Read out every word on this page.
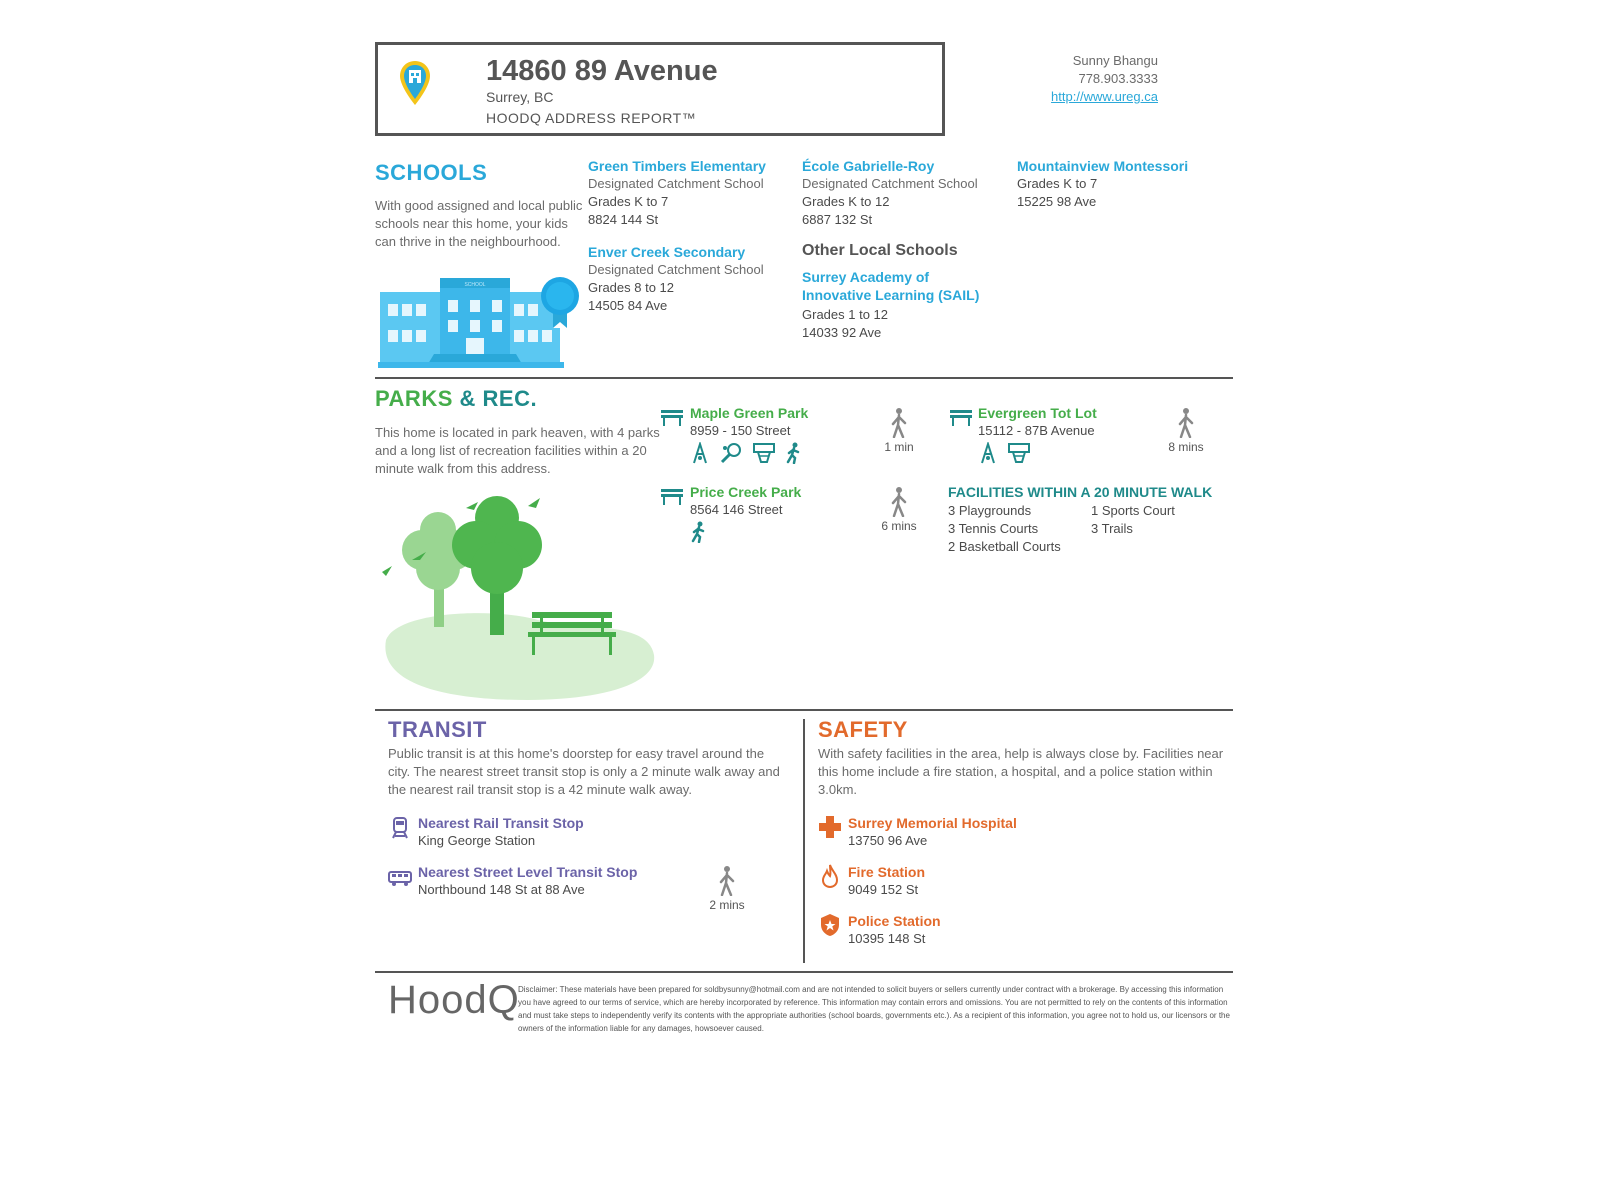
14860 89 Avenue
Surrey, BC
HOODQ ADDRESS REPORT™
Sunny Bhangu
778.903.3333
http://www.ureg.ca
SCHOOLS
With good assigned and local public schools near this home, your kids can thrive in the neighbourhood.
SCHOOL
Green Timbers Elementary
Designated Catchment School
Grades K to 7
8824 144 St
Enver Creek Secondary
Designated Catchment School
Grades 8 to 12
14505 84 Ave
École Gabrielle-Roy
Designated Catchment School
Grades K to 12
6887 132 St
Other Local Schools
Surrey Academy of
Innovative Learning (SAIL)
Grades 1 to 12
14033 92 Ave
Mountainview Montessori
Grades K to 7
15225 98 Ave
PARKS & REC.
This home is located in park heaven, with 4 parks and a long list of recreation facilities within a 20 minute walk from this address.
Maple Green Park
8959 - 150 Street

1 min
Evergreen Tot Lot
15112 - 87B Avenue

8 mins
Price Creek Park
8564 146 Street
6 mins
FACILITIES WITHIN A 20 MINUTE WALK
3 Playgrounds	1 Sports Court
3 Tennis Courts	3 Trails
2 Basketball Courts
TRANSIT
Public transit is at this home's doorstep for easy travel around the city. The nearest street transit stop is only a 2 minute walk away and the nearest rail transit stop is a 42 minute walk away.
Nearest Rail Transit Stop
King George Station
Nearest Street Level Transit Stop
Northbound 148 St at 88 Ave
2 mins
SAFETY
With safety facilities in the area, help is always close by. Facilities near this home include a fire station, a hospital, and a police station within 3.0km.
Surrey Memorial Hospital
13750 96 Ave
Fire Station
9049 152 St
Police Station
10395 148 St
HoodQ
Disclaimer: These materials have been prepared for soldbysunny@hotmail.com and are not intended to solicit buyers or sellers currently under contract with a brokerage. By accessing this information you have agreed to our terms of service, which are hereby incorporated by reference. This information may contain errors and omissions. You are not permitted to rely on the contents of this information and must take steps to independently verify its contents with the appropriate authorities (school boards, governments etc.). As a recipient of this information, you agree not to hold us, our licensors or the owners of the information liable for any damages, howsoever caused.
